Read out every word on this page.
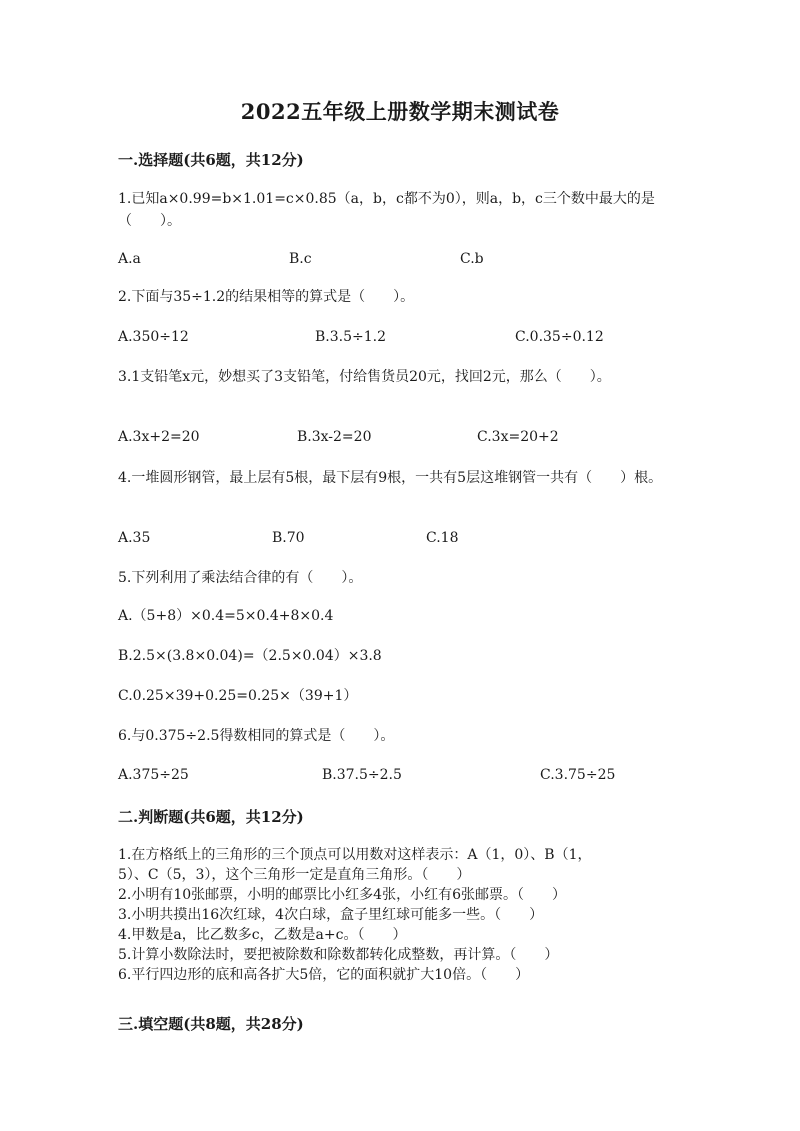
2022五年级上册数学期末测试卷
一.选择题(共6题，共12分)
1.已知a×0.99=b×1.01=c×0.85（a，b，c都不为0），则a，b，c三个数中最大的是（　　）。
A.a	B.c	C.b
2.下面与35÷1.2的结果相等的算式是（　　）。
A.350÷12	B.3.5÷1.2	C.0.35÷0.12
3.1支铅笔x元，妙想买了3支铅笔，付给售货员20元，找回2元，那么（　　）。
A.3x+2=20	B.3x-2=20	C.3x=20+2
4.一堆圆形钢管，最上层有5根，最下层有9根，一共有5层这堆钢管一共有（　　）根。
A.35	B.70	C.18
5.下列利用了乘法结合律的有（　　）。
A.（5+8）×0.4=5×0.4+8×0.4
B.2.5×(3.8×0.04)=（2.5×0.04）×3.8
C.0.25×39+0.25=0.25×（39+1）
6.与0.375÷2.5得数相同的算式是（　　）。
A.375÷25	B.37.5÷2.5	C.3.75÷25
二.判断题(共6题，共12分)
1.在方格纸上的三角形的三个顶点可以用数对这样表示：A（1，0）、B（1，
5）、C（5，3），这个三角形一定是直角三角形。（　　）
2.小明有10张邮票，小明的邮票比小红多4张，小红有6张邮票。（　　）
3.小明共摸出16次红球，4次白球，盒子里红球可能多一些。（　　）
4.甲数是a，比乙数多c，乙数是a+c。（　　）
5.计算小数除法时，要把被除数和除数都转化成整数，再计算。（　　）
6.平行四边形的底和高各扩大5倍，它的面积就扩大10倍。（　　）
三.填空题(共8题，共28分)
